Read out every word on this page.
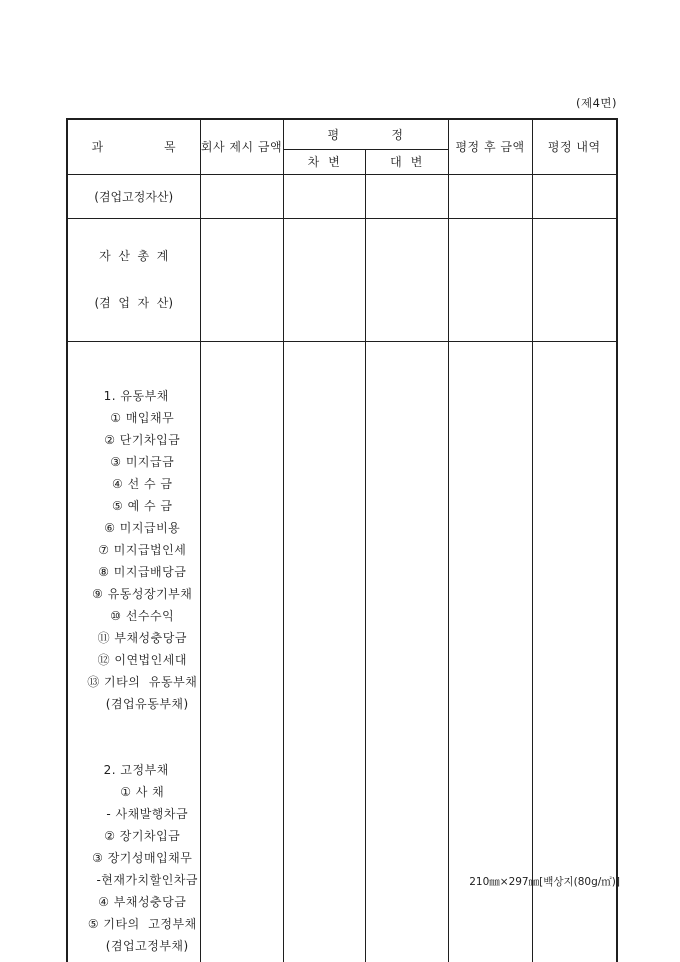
(제4면)
과              목	회사 제시 금액	평            정		평정 후 금액	평정 내역
		차  변	대  변		
(겸업고정자산)					

자  산  총  계

(겸  업  자  산)					

1. 유동부채
① 매입채무
② 단기차입금
③ 미지급금
④ 선 수 금
⑤ 예 수 금
⑥ 미지급비용
⑦ 미지급법인세
⑧ 미지급배당금
⑨ 유동성장기부채
⑩ 선수수익
⑪ 부채성충당금
⑫ 이연법인세대
⑬ 기타의  유동부채
(겸업유동부채)
2. 고정부채
① 사 채
- 사채발행차금
② 장기차입금
③ 장기성매입채무
-현재가치할인차금
④ 부채성충당금
⑤ 기타의  고정부채
(겸업고정부채)

210㎜×297㎜[백상지(80g/㎡)]
